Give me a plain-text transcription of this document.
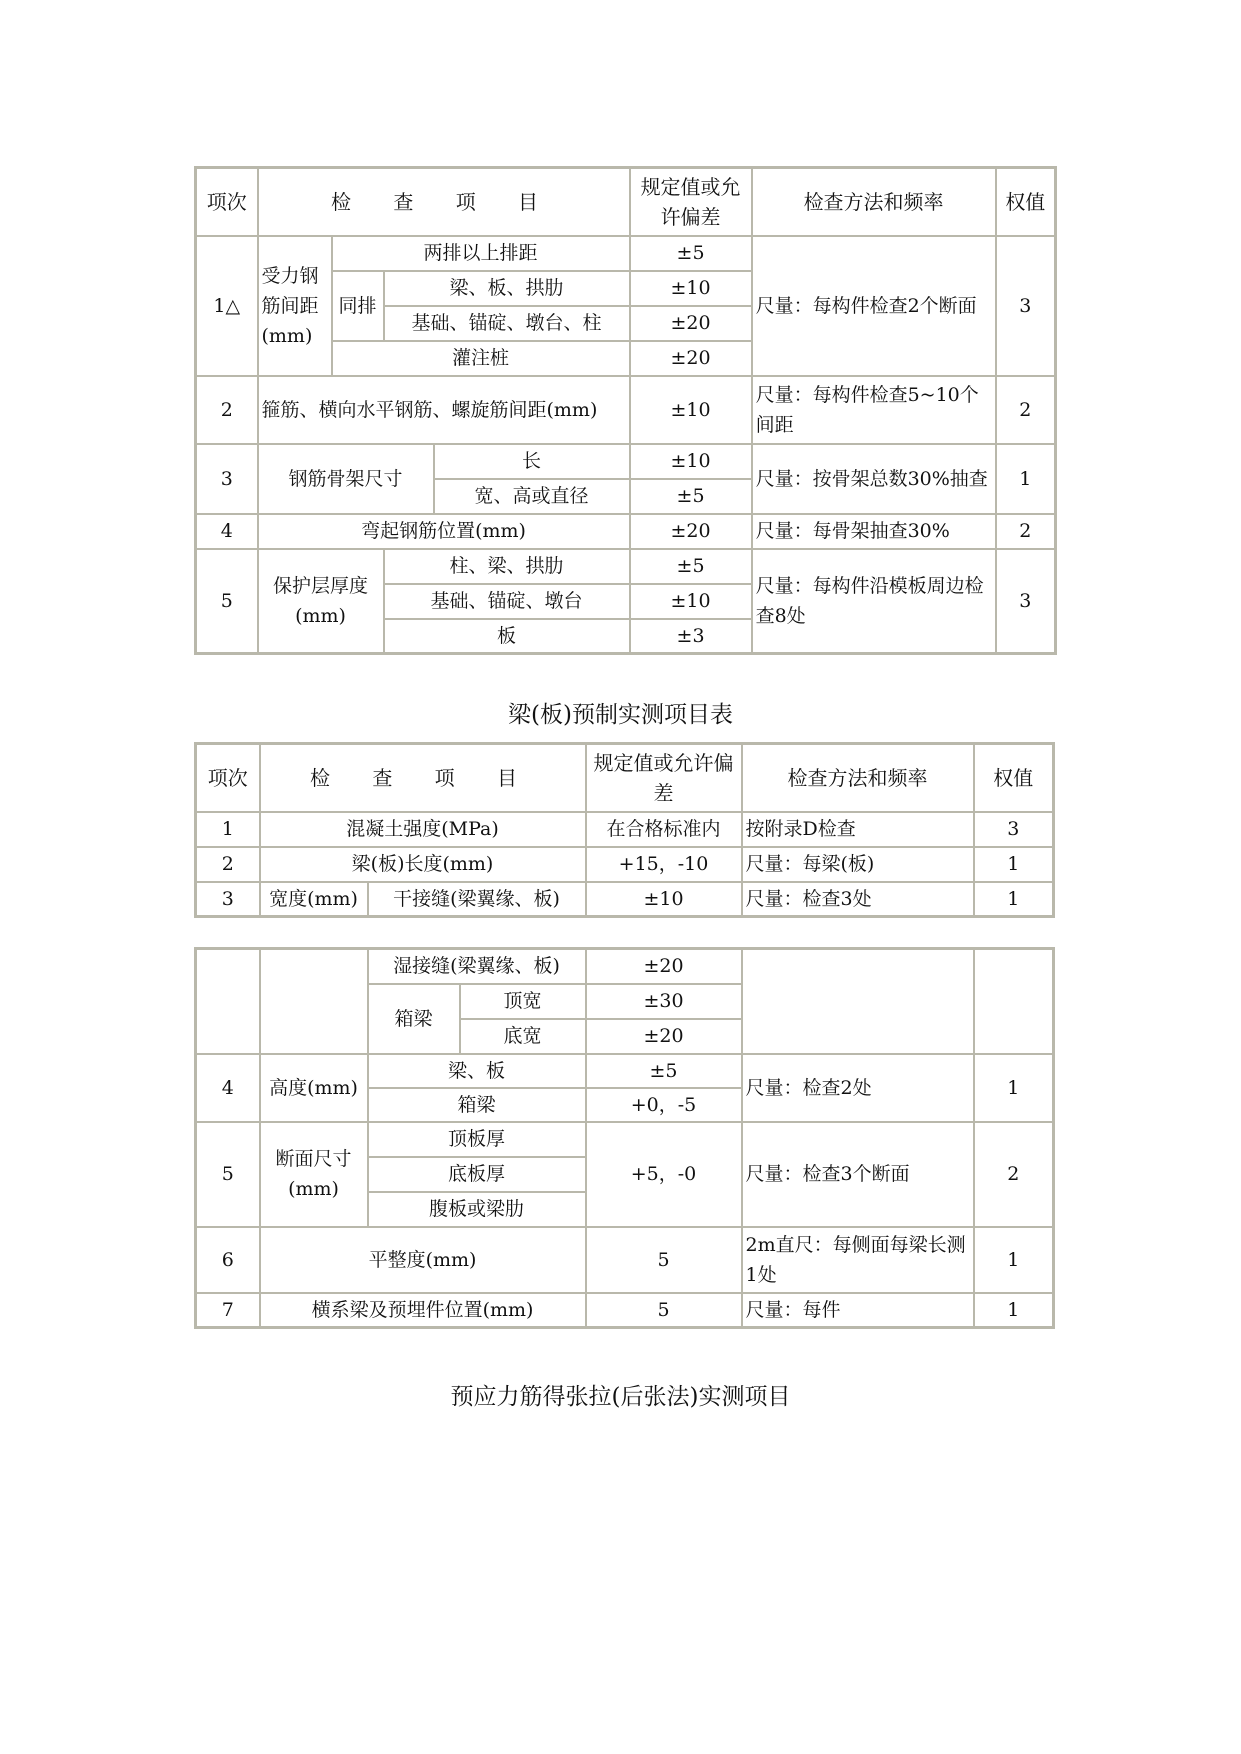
项次	检 查 项 目				规定值或允许偏差	检查方法和频率	权值
1△	受力钢筋间距(mm)	两排以上排距			±5	尺量：每构件检查2个断面	3
		同排	梁、板、拱肋		±10		
			基础、锚碇、墩台、柱		±20		
		灌注桩			±20		
2	箍筋、横向水平钢筋、螺旋筋间距(mm)				±10	尺量：每构件检查5~10个间距	2
3	钢筋骨架尺寸			长	±10	尺量：按骨架总数30%抽查	1
				宽、高或直径	±5		
4	弯起钢筋位置(mm)				±20	尺量：每骨架抽查30%	2
5	保护层厚度(mm)		柱、梁、拱肋		±5	尺量：每构件沿模板周边检查8处	3
			基础、锚碇、墩台		±10		
			板		±3		
梁(板)预制实测项目表
项次	检 查 项 目		规定值或允许偏差	检查方法和频率	权值
1	混凝土强度(MPa)		在合格标准内	按附录D检查	3
2	梁(板)长度(mm)		+15，-10	尺量：每梁(板)	1
3	宽度(mm)	干接缝(梁翼缘、板)	±10	尺量：检查3处	1
		湿接缝(梁翼缘、板)		±20		
		箱梁	顶宽	±30		
			底宽	±20		
4	高度(mm)	梁、板		±5	尺量：检查2处	1
		箱梁		+0，-5		
5	断面尺寸(mm)	顶板厚		+5，-0	尺量：检查3个断面	2
		底板厚				
		腹板或梁肋				
6	平整度(mm)			5	2m直尺：每侧面每梁长测1处	1
7	横系梁及预埋件位置(mm)			5	尺量：每件	1
预应力筋得张拉(后张法)实测项目
